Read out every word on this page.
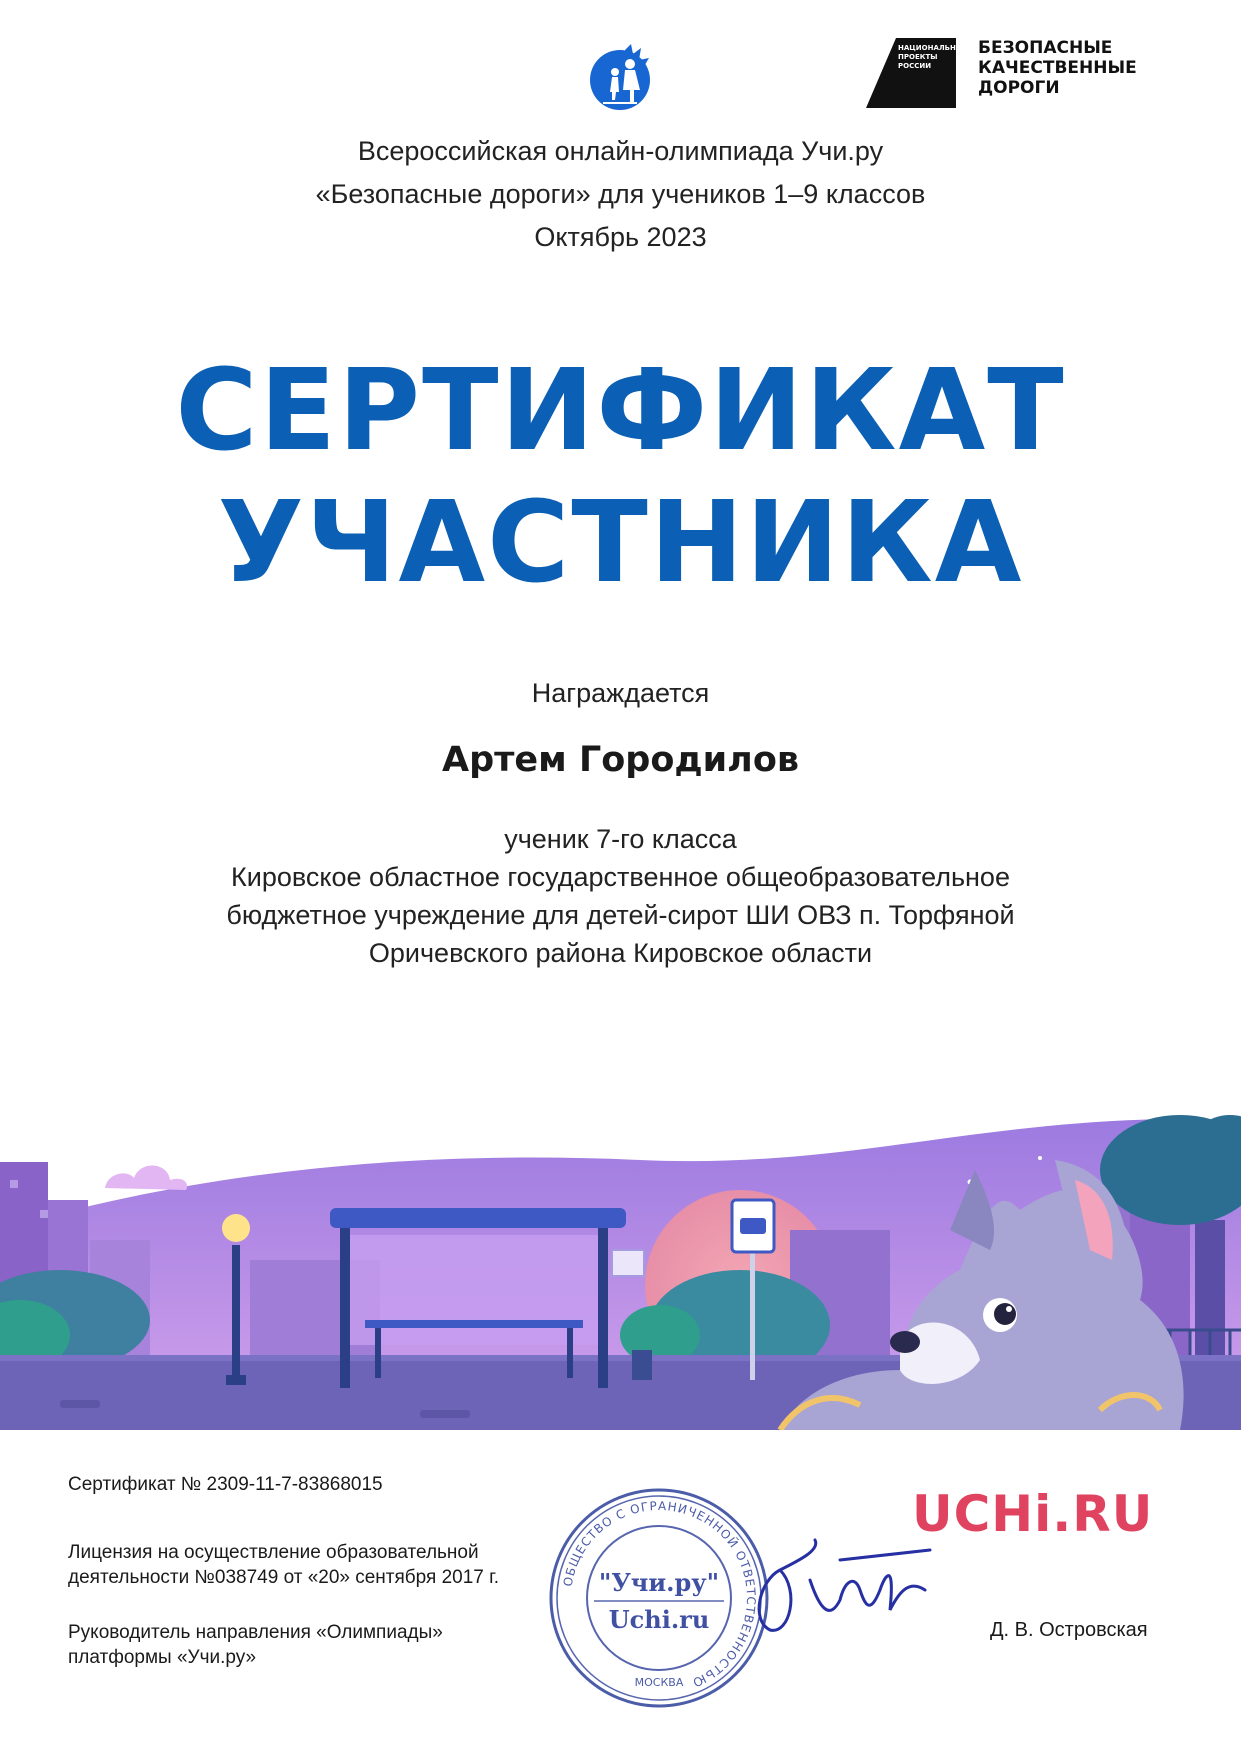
НАЦИОНАЛЬНЫЕ
ПРОЕКТЫ
РОССИИ
БЕЗОПАСНЫЕ
КАЧЕСТВЕННЫЕ ДОРОГИ
Всероссийская онлайн-олимпиада Учи.ру
«Безопасные дороги» для учеников 1–9 классов
Октябрь 2023
СЕРТИФИКАТ
УЧАСТНИКА
Награждается
Артем Городилов
ученик 7-го класса
Кировское областное государственное общеобразовательное
бюджетное учреждение для детей-сирот ШИ ОВЗ п. Торфяной
Оричевского района Кировское области
Сертификат № 2309-11-7-83868015
Лицензия на осуществление образовательной
деятельности №038749 от «20» сентября 2017 г.
Руководитель направления «Олимпиады»
платформы «Учи.ру»
ОБЩЕСТВО С ОГРАНИЧЕННОЙ ОТВЕТСТВЕННОСТЬЮ
МОСКВА
"Учи.ру"
Uchi.ru
UCHi.RU
Д. В. Островская
